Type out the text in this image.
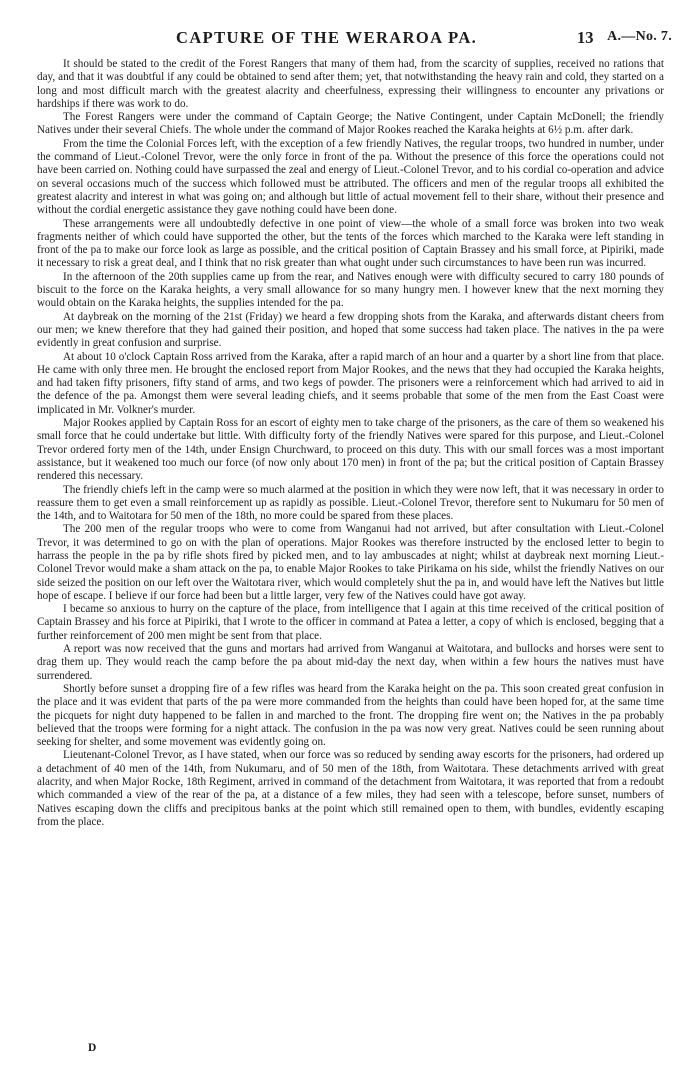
CAPTURE OF THE WERAROA PA.	13 A.—No. 7.

It should be stated to the credit of the Forest Rangers that many of them had, from the scarcity of supplies, received no rations that day, and that it was doubtful if any could be obtained to send after them; yet, that notwithstanding the heavy rain and cold, they started on a long and most difficult march with the greatest alacrity and cheerfulness, expressing their willingness to encounter any privations or hardships if there was work to do.

The Forest Rangers were under the command of Captain George; the Native Contingent, under Captain McDonell; the friendly Natives under their several Chiefs. The whole under the command of Major Rookes reached the Karaka heights at 6½ p.m. after dark.

From the time the Colonial Forces left, with the exception of a few friendly Natives, the regular troops, two hundred in number, under the command of Lieut.-Colonel Trevor, were the only force in front of the pa. Without the presence of this force the operations could not have been carried on. Nothing could have surpassed the zeal and energy of Lieut.-Colonel Trevor, and to his cordial co-operation and advice on several occasions much of the success which followed must be attributed. The officers and men of the regular troops all exhibited the greatest alacrity and interest in what was going on; and although but little of actual movement fell to their share, without their presence and without the cordial energetic assistance they gave nothing could have been done.

These arrangements were all undoubtedly defective in one point of view—the whole of a small force was broken into two weak fragments neither of which could have supported the other, but the tents of the forces which marched to the Karaka were left standing in front of the pa to make our force look as large as possible, and the critical position of Captain Brassey and his small force, at Pipiriki, made it necessary to risk a great deal, and I think that no risk greater than what ought under such circumstances to have been run was incurred.

In the afternoon of the 20th supplies came up from the rear, and Natives enough were with difficulty secured to carry 180 pounds of biscuit to the force on the Karaka heights, a very small allowance for so many hungry men. I however knew that the next morning they would obtain on the Karaka heights, the supplies intended for the pa.

At daybreak on the morning of the 21st (Friday) we heard a few dropping shots from the Karaka, and afterwards distant cheers from our men; we knew therefore that they had gained their position, and hoped that some success had taken place. The natives in the pa were evidently in great confusion and surprise.

At about 10 o'clock Captain Ross arrived from the Karaka, after a rapid march of an hour and a quarter by a short line from that place. He came with only three men. He brought the enclosed report from Major Rookes, and the news that they had occupied the Karaka heights, and had taken fifty prisoners, fifty stand of arms, and two kegs of powder. The prisoners were a reinforcement which had arrived to aid in the defence of the pa. Amongst them were several leading chiefs, and it seems probable that some of the men from the East Coast were implicated in Mr. Volkner's murder.

Major Rookes applied by Captain Ross for an escort of eighty men to take charge of the prisoners, as the care of them so weakened his small force that he could undertake but little. With difficulty forty of the friendly Natives were spared for this purpose, and Lieut.-Colonel Trevor ordered forty men of the 14th, under Ensign Churchward, to proceed on this duty. This with our small forces was a most important assistance, but it weakened too much our force (of now only about 170 men) in front of the pa; but the critical position of Captain Brassey rendered this necessary.

The friendly chiefs left in the camp were so much alarmed at the position in which they were now left, that it was necessary in order to reassure them to get even a small reinforcement up as rapidly as possible. Lieut.-Colonel Trevor, therefore sent to Nukumaru for 50 men of the 14th, and to Waitotara for 50 men of the 18th, no more could be spared from these places.

The 200 men of the regular troops who were to come from Wanganui had not arrived, but after consultation with Lieut.-Colonel Trevor, it was determined to go on with the plan of operations. Major Rookes was therefore instructed by the enclosed letter to begin to harrass the people in the pa by rifle shots fired by picked men, and to lay ambuscades at night; whilst at daybreak next morning Lieut.-Colonel Trevor would make a sham attack on the pa, to enable Major Rookes to take Pirikama on his side, whilst the friendly Natives on our side seized the position on our left over the Waitotara river, which would completely shut the pa in, and would have left the Natives but little hope of escape. I believe if our force had been but a little larger, very few of the Natives could have got away.

I became so anxious to hurry on the capture of the place, from intelligence that I again at this time received of the critical position of Captain Brassey and his force at Pipiriki, that I wrote to the officer in command at Patea a letter, a copy of which is enclosed, begging that a further reinforcement of 200 men might be sent from that place.

A report was now received that the guns and mortars had arrived from Wanganui at Waitotara, and bullocks and horses were sent to drag them up. They would reach the camp before the pa about mid-day the next day, when within a few hours the natives must have surrendered.

Shortly before sunset a dropping fire of a few rifles was heard from the Karaka height on the pa. This soon created great confusion in the place and it was evident that parts of the pa were more commanded from the heights than could have been hoped for, at the same time the picquets for night duty happened to be fallen in and marched to the front. The dropping fire went on; the Natives in the pa probably believed that the troops were forming for a night attack. The confusion in the pa was now very great. Natives could be seen running about seeking for shelter, and some movement was evidently going on.

Lieutenant-Colonel Trevor, as I have stated, when our force was so reduced by sending away escorts for the prisoners, had ordered up a detachment of 40 men of the 14th, from Nukumaru, and of 50 men of the 18th, from Waitotara. These detachments arrived with great alacrity, and when Major Rocke, 18th Regiment, arrived in command of the detachment from Waitotara, it was reported that from a redoubt which commanded a view of the rear of the pa, at a distance of a few miles, they had seen with a telescope, before sunset, numbers of Natives escaping down the cliffs and precipitous banks at the point which still remained open to them, with bundles, evidently escaping from the place.

D
